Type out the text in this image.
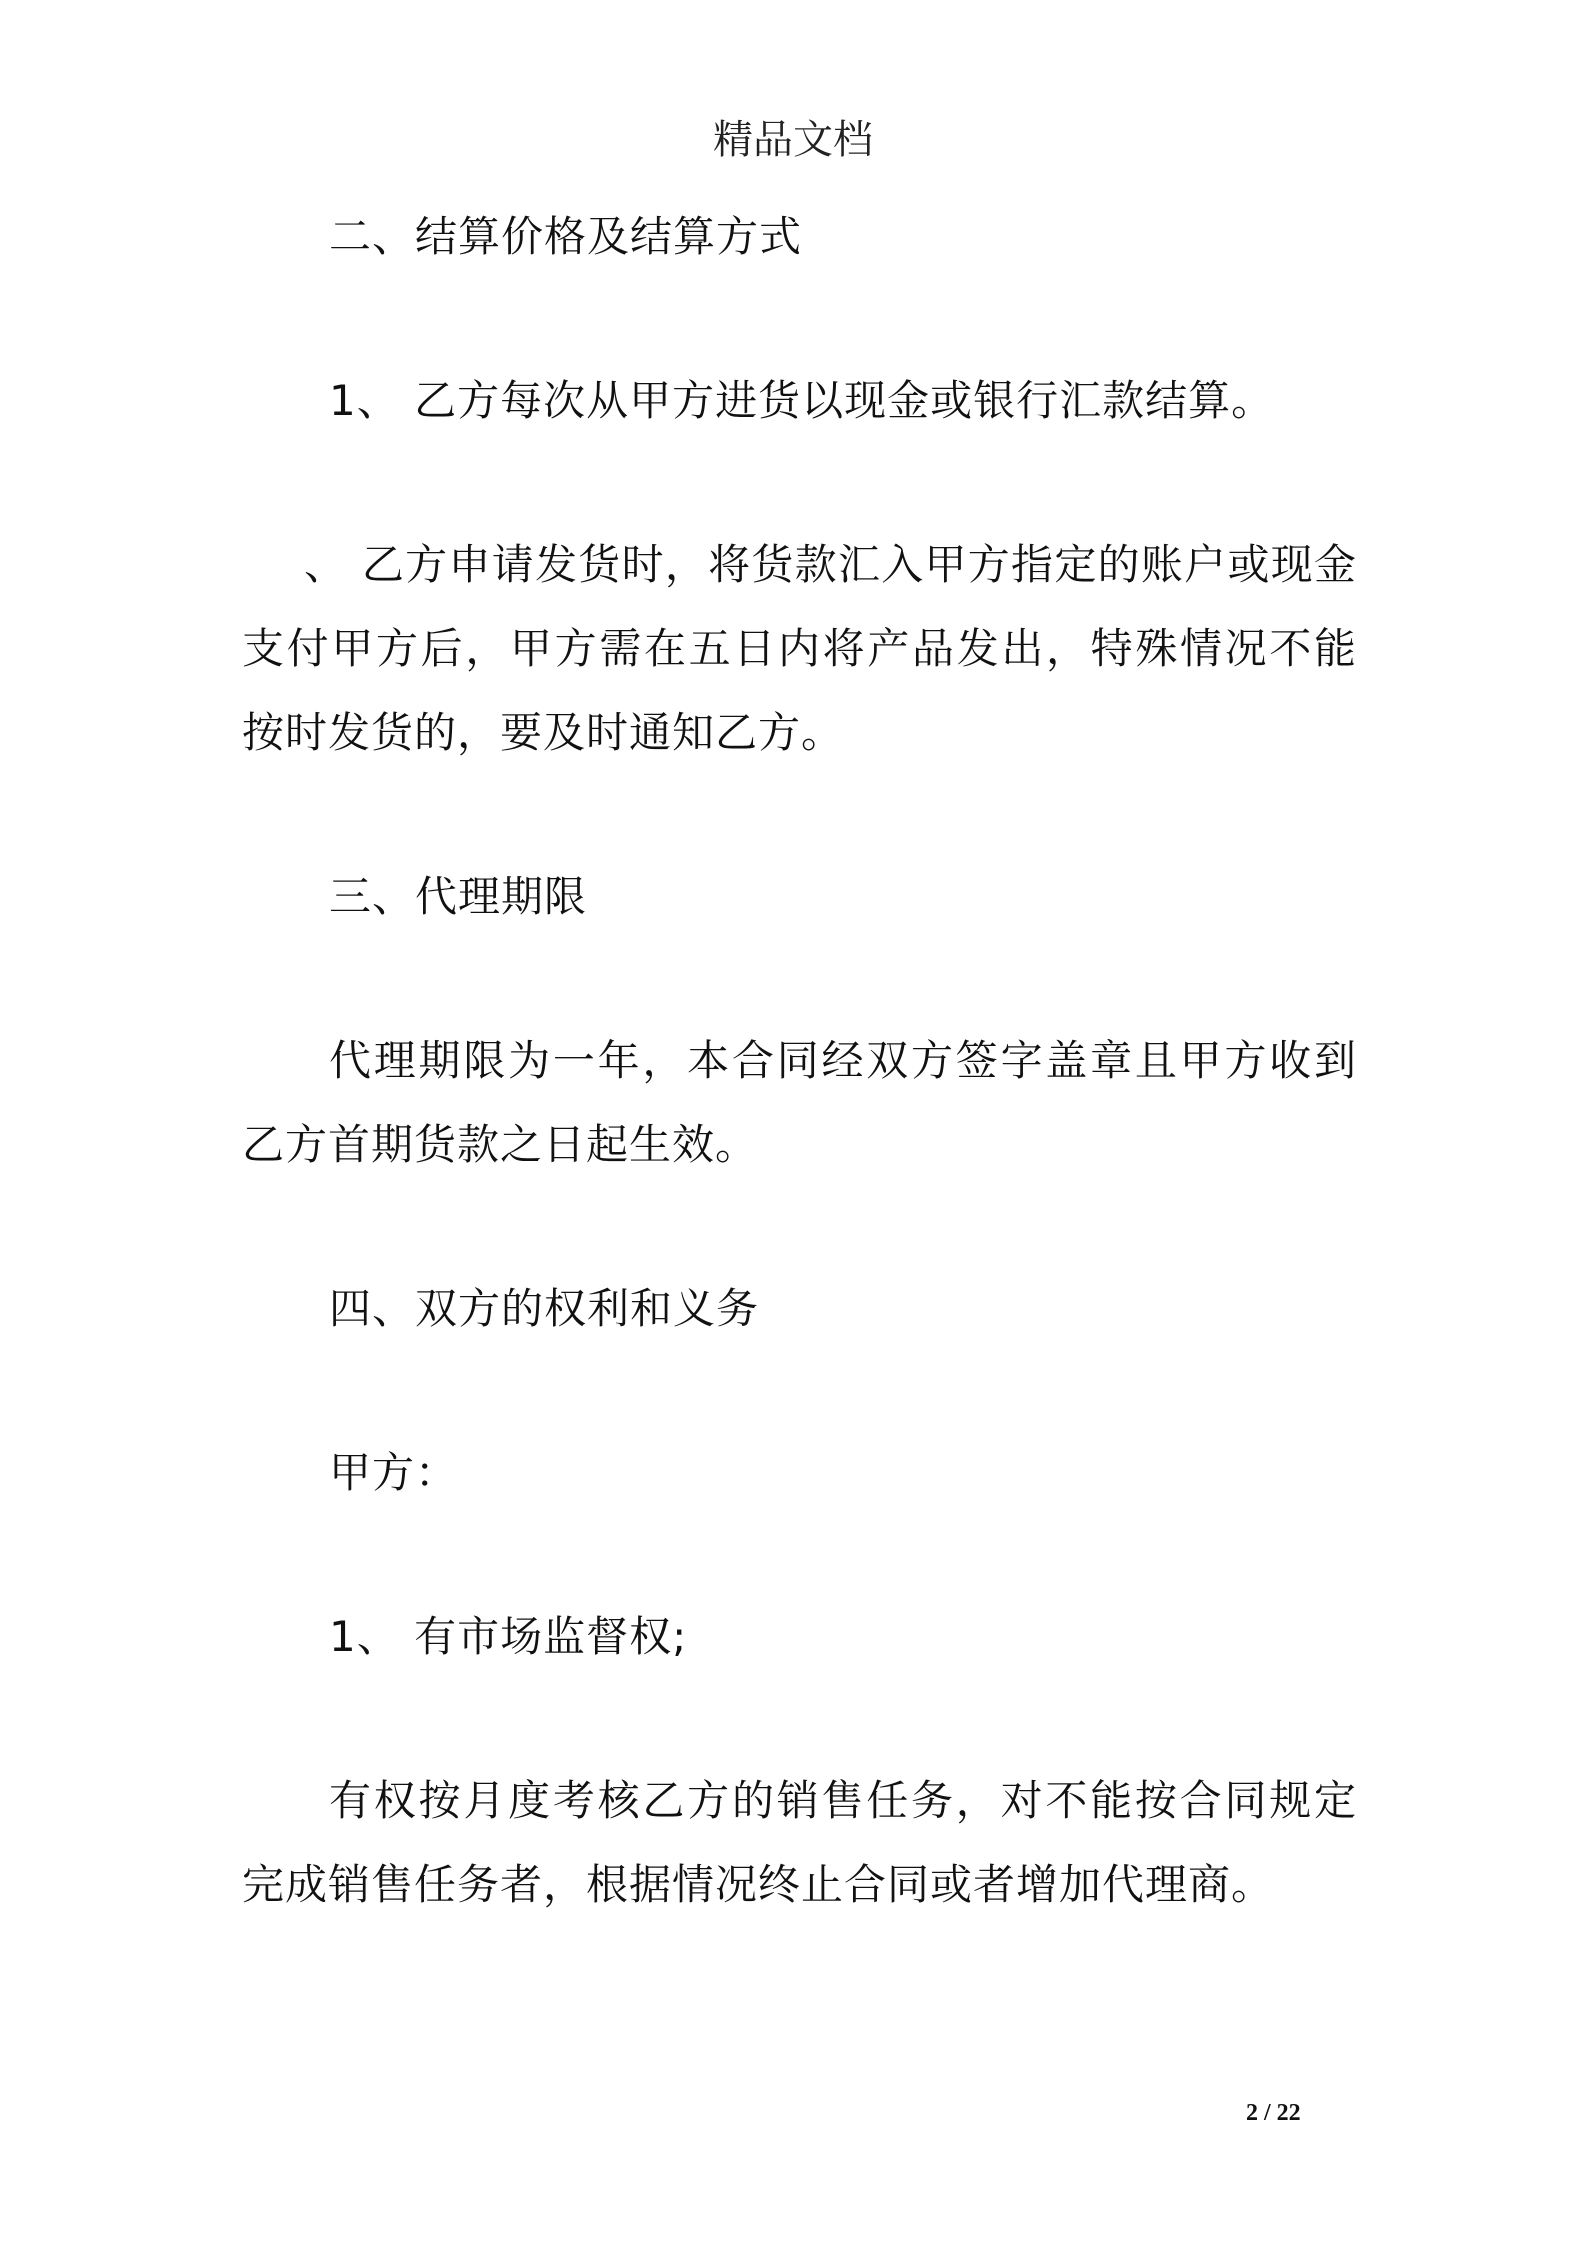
精品文档

二、结算价格及结算方式

1、 乙方每次从甲方进货以现金或银行汇款结算。

、 乙方申请发货时，将货款汇入甲方指定的账户或现金支付甲方后，甲方需在五日内将产品发出，特殊情况不能按时发货的，要及时通知乙方。

三、代理期限

代理期限为一年，本合同经双方签字盖章且甲方收到乙方首期货款之日起生效。

四、双方的权利和义务

甲方：

1、 有市场监督权;

有权按月度考核乙方的销售任务，对不能按合同规定完成销售任务者，根据情况终止合同或者增加代理商。

2 / 22
